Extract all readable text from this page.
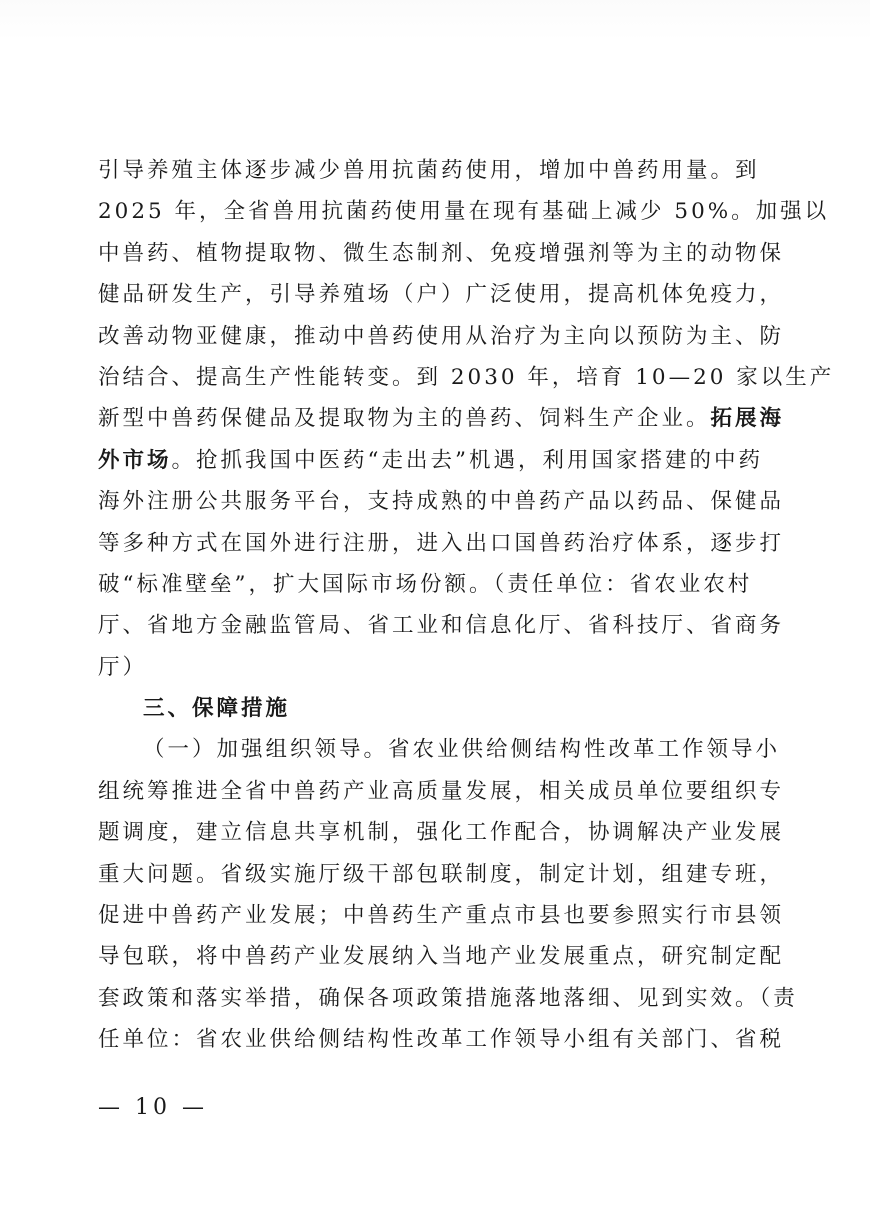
引导养殖主体逐步减少兽用抗菌药使用，增加中兽药用量。到
2025 年，全省兽用抗菌药使用量在现有基础上减少 50%。加强以
中兽药、植物提取物、微生态制剂、免疫增强剂等为主的动物保
健品研发生产，引导养殖场（户）广泛使用，提高机体免疫力，
改善动物亚健康，推动中兽药使用从治疗为主向以预防为主、防
治结合、提高生产性能转变。到 2030 年，培育 10—20 家以生产
新型中兽药保健品及提取物为主的兽药、饲料生产企业。拓展海
外市场。抢抓我国中医药“走出去”机遇，利用国家搭建的中药
海外注册公共服务平台，支持成熟的中兽药产品以药品、保健品
等多种方式在国外进行注册，进入出口国兽药治疗体系，逐步打
破“标准壁垒”，扩大国际市场份额。（责任单位：省农业农村
厅、省地方金融监管局、省工业和信息化厅、省科技厅、省商务
厅）
三、保障措施
（一）加强组织领导。省农业供给侧结构性改革工作领导小
组统筹推进全省中兽药产业高质量发展，相关成员单位要组织专
题调度，建立信息共享机制，强化工作配合，协调解决产业发展
重大问题。省级实施厅级干部包联制度，制定计划，组建专班，
促进中兽药产业发展；中兽药生产重点市县也要参照实行市县领
导包联，将中兽药产业发展纳入当地产业发展重点，研究制定配
套政策和落实举措，确保各项政策措施落地落细、见到实效。（责
任单位：省农业供给侧结构性改革工作领导小组有关部门、省税
— 10 —
